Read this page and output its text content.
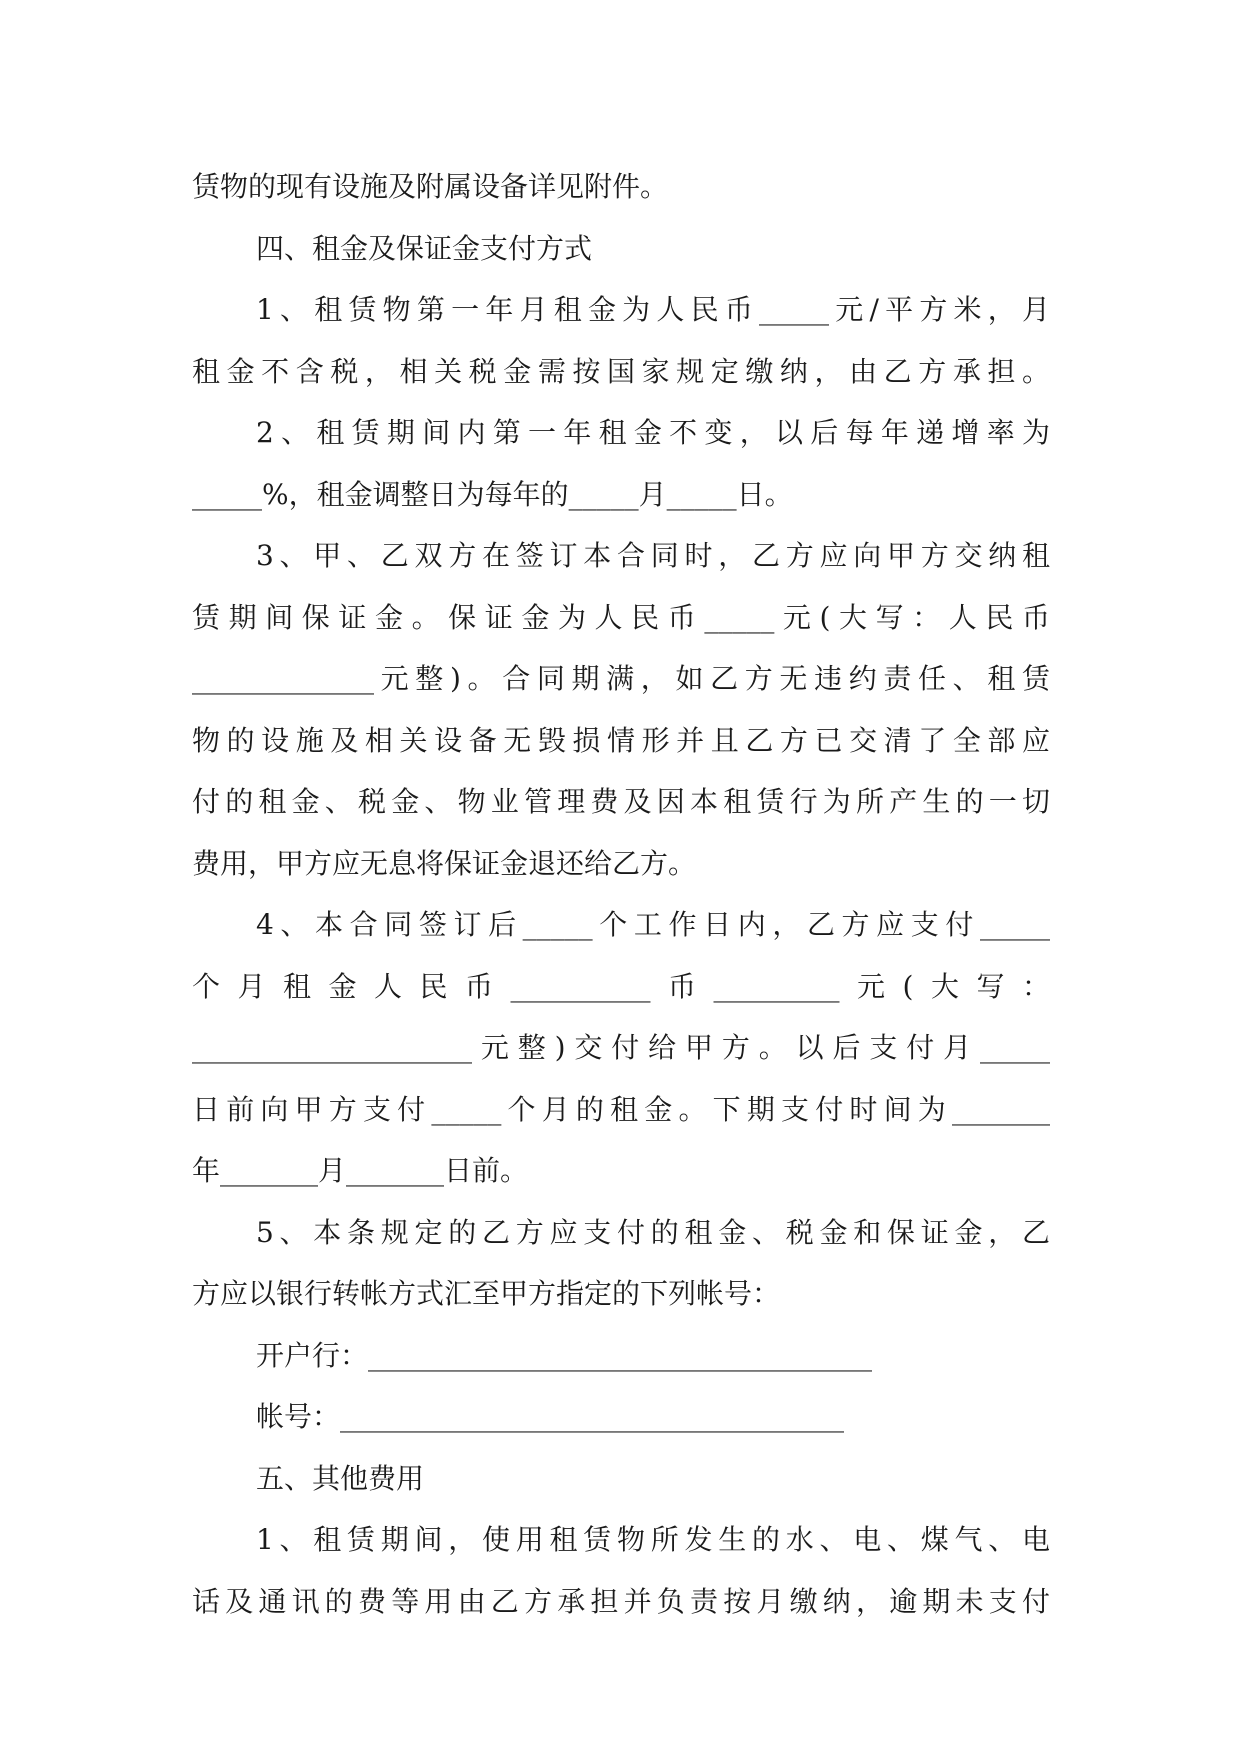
赁物的现有设施及附属设备详见附件。
四、租金及保证金支付方式
1、租赁物第一年月租金为人民币_____元/平方米，月
租金不含税，相关税金需按国家规定缴纳，由乙方承担。
2、租赁期间内第一年租金不变，以后每年递增率为
_____%，租金调整日为每年的_____月_____日。
3、甲、乙双方在签订本合同时，乙方应向甲方交纳租
赁期间保证金。保证金为人民币_____元(大写：人民币
_____________元整)。合同期满，如乙方无违约责任、租赁
物的设施及相关设备无毁损情形并且乙方已交清了全部应
付的租金、税金、物业管理费及因本租赁行为所产生的一切
费用，甲方应无息将保证金退还给乙方。
4、本合同签订后_____个工作日内，乙方应支付_____
个月租金人民币__________币_________元(大写：
____________________元整)交付给甲方。以后支付月_____
日前向甲方支付_____个月的租金。下期支付时间为_______
年_______月_______日前。
5、本条规定的乙方应支付的租金、税金和保证金，乙
方应以银行转帐方式汇至甲方指定的下列帐号：
开户行：____________________________________
帐号：____________________________________
五、其他费用
1、租赁期间，使用租赁物所发生的水、电、煤气、电
话及通讯的费等用由乙方承担并负责按月缴纳，逾期未支付
